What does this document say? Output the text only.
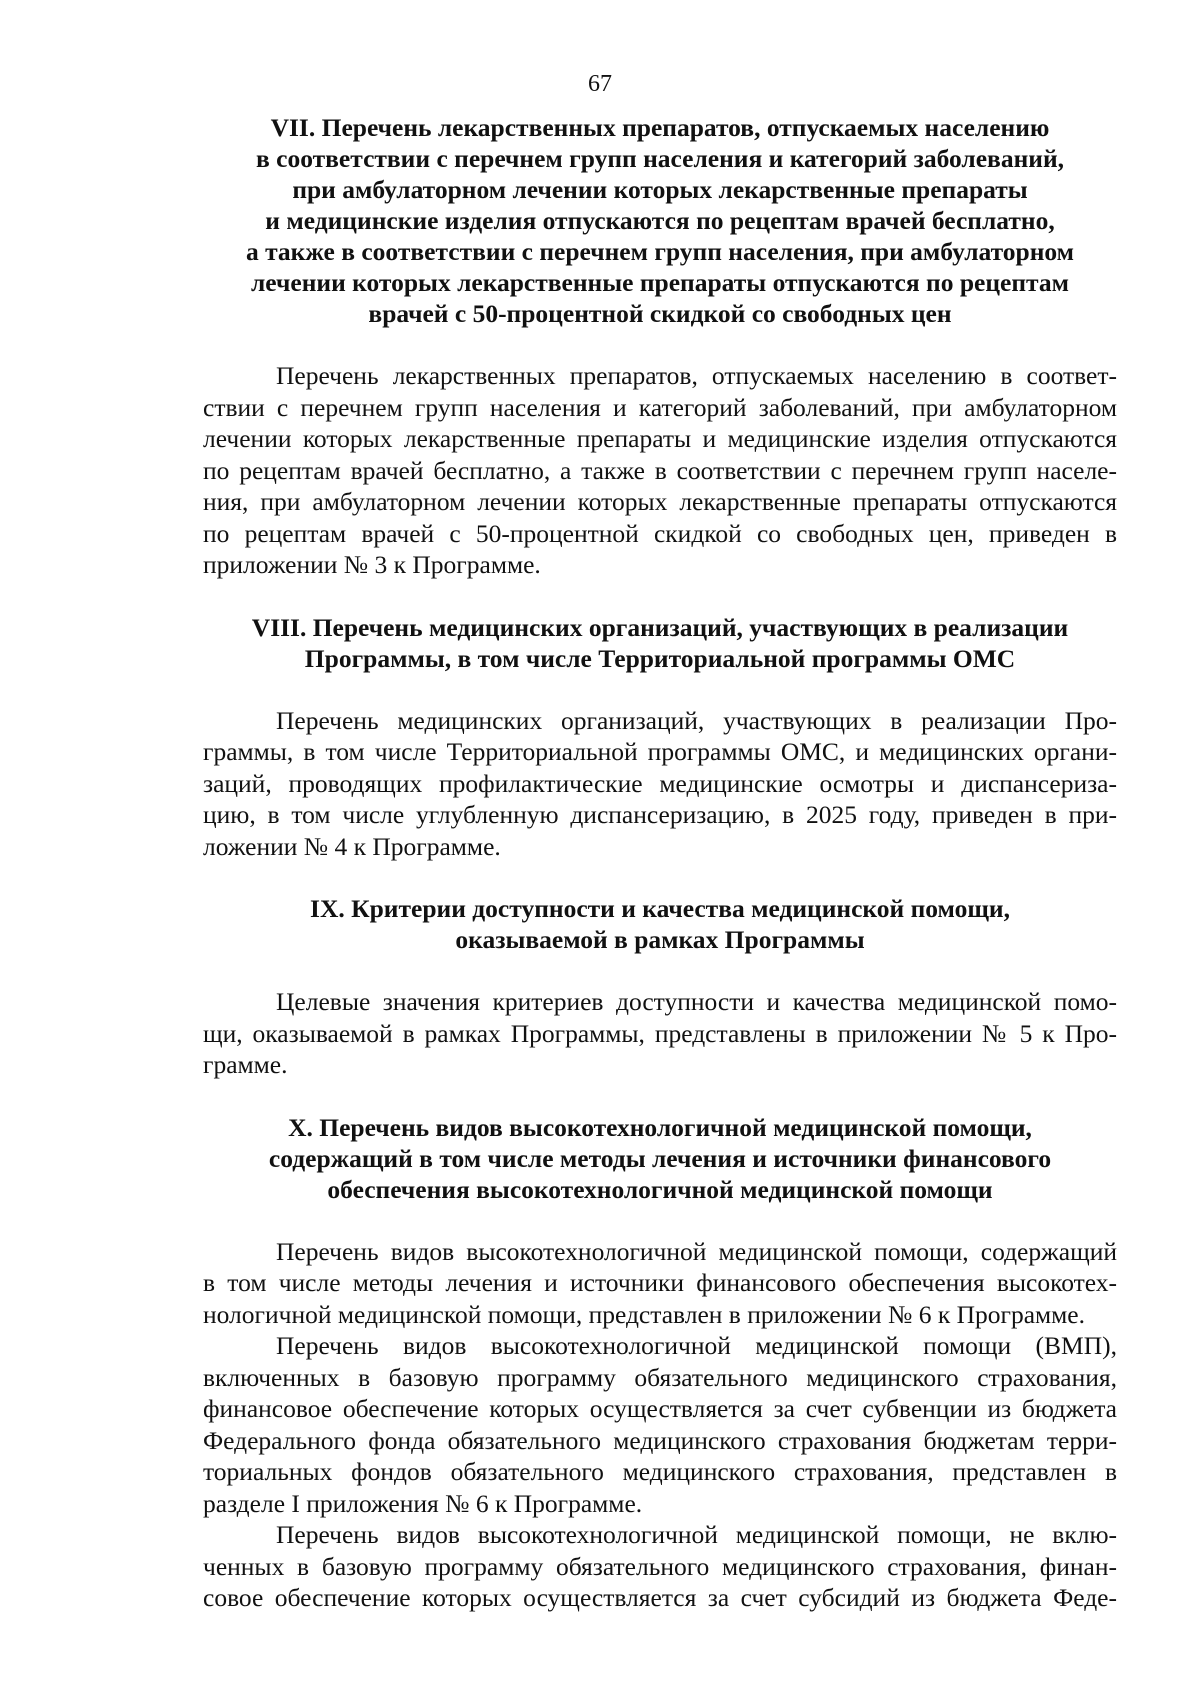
67
VII. Перечень лекарственных препаратов, отпускаемых населению
в соответствии с перечнем групп населения и категорий заболеваний,
при амбулаторном лечении которых лекарственные препараты
и медицинские изделия отпускаются по рецептам врачей бесплатно,
а также в соответствии с перечнем групп населения, при амбулаторном
лечении которых лекарственные препараты отпускаются по рецептам
врачей с 50-процентной скидкой со свободных цен
Перечень лекарственных препаратов, отпускаемых населению в соответ-
ствии с перечнем групп населения и категорий заболеваний, при амбулаторном
лечении которых лекарственные препараты и медицинские изделия отпускаются
по рецептам врачей бесплатно, а также в соответствии с перечнем групп населе-
ния, при амбулаторном лечении которых лекарственные препараты отпускаются
по рецептам врачей с 50-процентной скидкой со свободных цен, приведен в
приложении № 3 к Программе.
VIII. Перечень медицинских организаций, участвующих в реализации
Программы, в том числе Территориальной программы ОМС
Перечень медицинских организаций, участвующих в реализации Про-
граммы, в том числе Территориальной программы ОМС, и медицинских органи-
заций, проводящих профилактические медицинские осмотры и диспансеризa-
цию, в том числе углубленную диспансеризацию, в 2025 году, приведен в при-
ложении № 4 к Программе.
IX. Критерии доступности и качества медицинской помощи,
оказываемой в рамках Программы
Целевые значения критериев доступности и качества медицинской помо-
щи, оказываемой в рамках Программы, представлены в приложении № 5 к Про-
грамме.
X. Перечень видов высокотехнологичной медицинской помощи,
содержащий в том числе методы лечения и источники финансового
обеспечения высокотехнологичной медицинской помощи
Перечень видов высокотехнологичной медицинской помощи, содержащий
в том числе методы лечения и источники финансового обеспечения высокотех-
нологичной медицинской помощи, представлен в приложении № 6 к Программе.
Перечень видов высокотехнологичной медицинской помощи (ВМП),
включенных в базовую программу обязательного медицинского страхования,
финансовое обеспечение которых осуществляется за счет субвенции из бюджета
Федерального фонда обязательного медицинского страхования бюджетам терри-
ториальных фондов обязательного медицинского страхования, представлен в
разделе I приложения № 6 к Программе.
Перечень видов высокотехнологичной медицинской помощи, не вклю-
ченных в базовую программу обязательного медицинского страхования, финан-
совое обеспечение которых осуществляется за счет субсидий из бюджета Феде-
